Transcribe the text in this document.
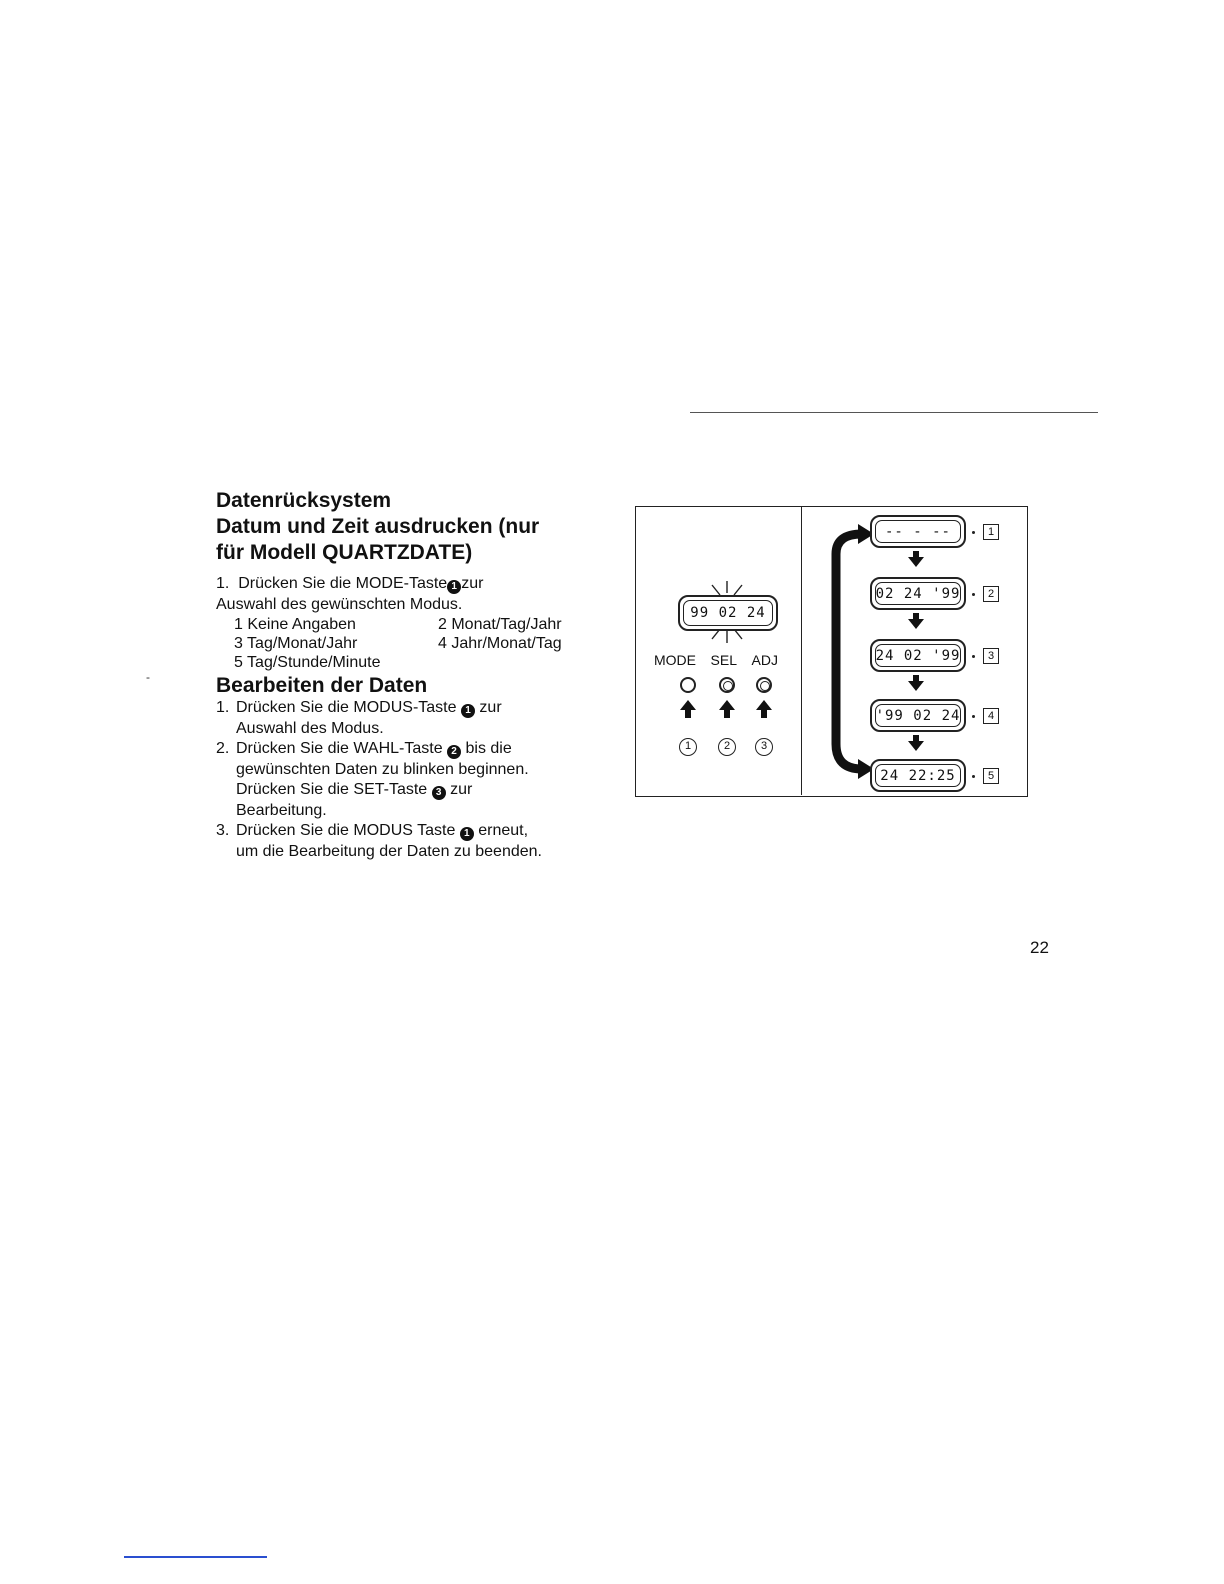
‐
Datenrücksystem
Datum und Zeit ausdrucken (nur
für Modell QUARTZDATE)

1. Drücken Sie die MODE-Taste 1 zur

Auswahl des gewünschten Modus.

1 Keine Angaben	2 Monat/Tag/Jahr
3 Tag/Monat/Jahr	4 Jahr/Monat/Tag
5 Tag/Stunde/Minute
Bearbeiten der Daten
1. Drücken Sie die MODUS-Taste 1 zur
Auswahl des Modus.
2. Drücken Sie die WAHL-Taste 2 bis die
gewünschten Daten zu blinken beginnen.
Drücken Sie die SET-Taste 3 zur
Bearbeitung.
3. Drücken Sie die MODUS Taste 1 erneut,
um die Bearbeitung der Daten zu beenden.
99 02 24
MODE SEL ADJ
1	2	3
-- - --
02 24 '99
24 02 '99
'99 02 24
24 22:25
1
2
3
4
5
22
